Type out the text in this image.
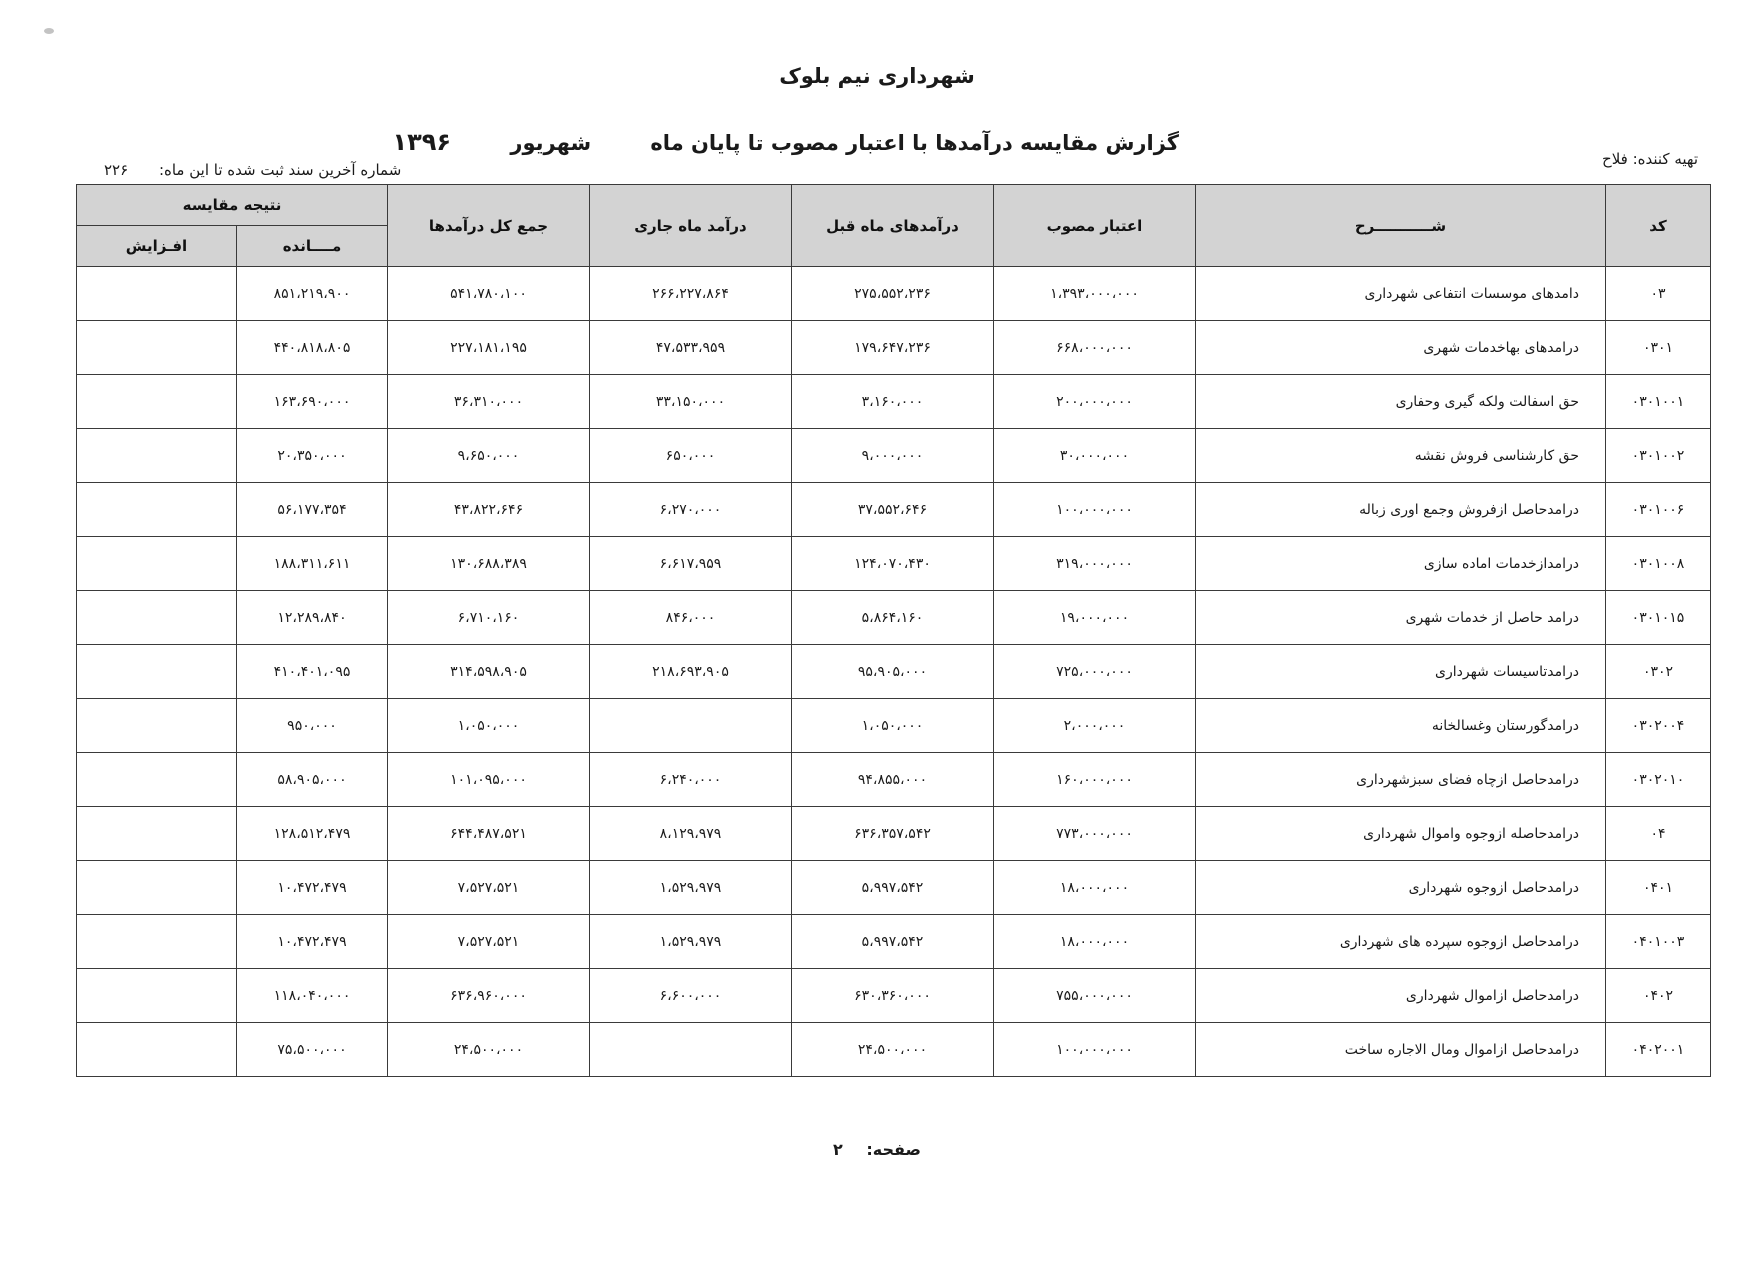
شهرداری نیم بلوک
گزارش مقایسه درآمدها با اعتبار مصوب تا پایان ماه شهریور ۱۳۹۶
تهیه کننده: فلاح
شماره آخرین سند ثبت شده تا این ماه: ۲۲۶
کد	شـــــــــــرح	اعتبار مصوب	درآمدهای ماه قبل	درآمد ماه جاری	جمع کل درآمدها	نتیجه مقایسه	
						مــــانده	افـزایش
۰۳	دامدهای موسسات انتفاعی شهرداری	۱،۳۹۳،۰۰۰،۰۰۰	۲۷۵،۵۵۲،۲۳۶	۲۶۶،۲۲۷،۸۶۴	۵۴۱،۷۸۰،۱۰۰	۸۵۱،۲۱۹،۹۰۰	
۰۳۰۱	درامدهای بهاخدمات شهری	۶۶۸،۰۰۰،۰۰۰	۱۷۹،۶۴۷،۲۳۶	۴۷،۵۳۳،۹۵۹	۲۲۷،۱۸۱،۱۹۵	۴۴۰،۸۱۸،۸۰۵	
۰۳۰۱۰۰۱	حق اسفالت ولکه گیری وحفاری	۲۰۰،۰۰۰،۰۰۰	۳،۱۶۰،۰۰۰	۳۳،۱۵۰،۰۰۰	۳۶،۳۱۰،۰۰۰	۱۶۳،۶۹۰،۰۰۰	
۰۳۰۱۰۰۲	حق کارشناسی فروش نقشه	۳۰،۰۰۰،۰۰۰	۹،۰۰۰،۰۰۰	۶۵۰،۰۰۰	۹،۶۵۰،۰۰۰	۲۰،۳۵۰،۰۰۰	
۰۳۰۱۰۰۶	درامدحاصل ازفروش وجمع اوری زباله	۱۰۰،۰۰۰،۰۰۰	۳۷،۵۵۲،۶۴۶	۶،۲۷۰،۰۰۰	۴۳،۸۲۲،۶۴۶	۵۶،۱۷۷،۳۵۴	
۰۳۰۱۰۰۸	درامدازخدمات اماده سازی	۳۱۹،۰۰۰،۰۰۰	۱۲۴،۰۷۰،۴۳۰	۶،۶۱۷،۹۵۹	۱۳۰،۶۸۸،۳۸۹	۱۸۸،۳۱۱،۶۱۱	
۰۳۰۱۰۱۵	درامد حاصل از خدمات شهری	۱۹،۰۰۰،۰۰۰	۵،۸۶۴،۱۶۰	۸۴۶،۰۰۰	۶،۷۱۰،۱۶۰	۱۲،۲۸۹،۸۴۰	
۰۳۰۲	درامدتاسیسات شهرداری	۷۲۵،۰۰۰،۰۰۰	۹۵،۹۰۵،۰۰۰	۲۱۸،۶۹۳،۹۰۵	۳۱۴،۵۹۸،۹۰۵	۴۱۰،۴۰۱،۰۹۵	
۰۳۰۲۰۰۴	درامدگورستان وغسالخانه	۲،۰۰۰،۰۰۰	۱،۰۵۰،۰۰۰		۱،۰۵۰،۰۰۰	۹۵۰،۰۰۰	
۰۳۰۲۰۱۰	درامدحاصل ازچاه فضای سبزشهرداری	۱۶۰،۰۰۰،۰۰۰	۹۴،۸۵۵،۰۰۰	۶،۲۴۰،۰۰۰	۱۰۱،۰۹۵،۰۰۰	۵۸،۹۰۵،۰۰۰	
۰۴	درامدحاصله ازوجوه واموال شهرداری	۷۷۳،۰۰۰،۰۰۰	۶۳۶،۳۵۷،۵۴۲	۸،۱۲۹،۹۷۹	۶۴۴،۴۸۷،۵۲۱	۱۲۸،۵۱۲،۴۷۹	
۰۴۰۱	درامدحاصل ازوجوه شهرداری	۱۸،۰۰۰،۰۰۰	۵،۹۹۷،۵۴۲	۱،۵۲۹،۹۷۹	۷،۵۲۷،۵۲۱	۱۰،۴۷۲،۴۷۹	
۰۴۰۱۰۰۳	درامدحاصل ازوجوه سپرده های شهرداری	۱۸،۰۰۰،۰۰۰	۵،۹۹۷،۵۴۲	۱،۵۲۹،۹۷۹	۷،۵۲۷،۵۲۱	۱۰،۴۷۲،۴۷۹	
۰۴۰۲	درامدحاصل ازاموال شهرداری	۷۵۵،۰۰۰،۰۰۰	۶۳۰،۳۶۰،۰۰۰	۶،۶۰۰،۰۰۰	۶۳۶،۹۶۰،۰۰۰	۱۱۸،۰۴۰،۰۰۰	
۰۴۰۲۰۰۱	درامدحاصل ازاموال ومال الاجاره ساخت	۱۰۰،۰۰۰،۰۰۰	۲۴،۵۰۰،۰۰۰		۲۴،۵۰۰،۰۰۰	۷۵،۵۰۰،۰۰۰	
صفحه: ۲
